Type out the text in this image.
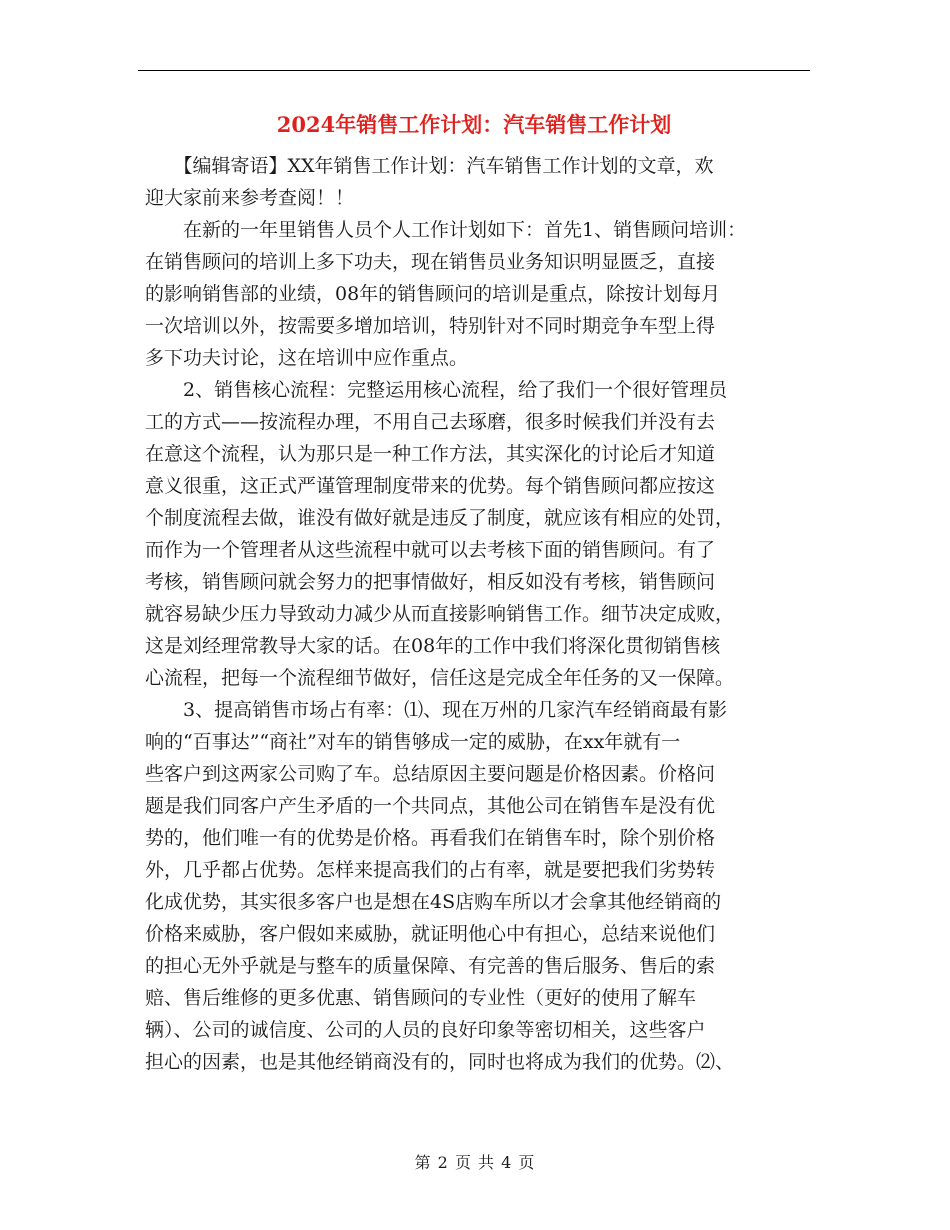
2024年销售工作计划：汽车销售工作计划
　　【编辑寄语】XX年销售工作计划：汽车销售工作计划的文章，欢
迎大家前来参考查阅！！
　　在新的一年里销售人员个人工作计划如下：首先1、销售顾问培训：
在销售顾问的培训上多下功夫，现在销售员业务知识明显匮乏，直接
的影响销售部的业绩，08年的销售顾问的培训是重点，除按计划每月
一次培训以外，按需要多增加培训，特别针对不同时期竞争车型上得
多下功夫讨论，这在培训中应作重点。
　　2、销售核心流程：完整运用核心流程，给了我们一个很好管理员
工的方式——按流程办理，不用自己去琢磨，很多时候我们并没有去
在意这个流程，认为那只是一种工作方法，其实深化的讨论后才知道
意义很重，这正式严谨管理制度带来的优势。每个销售顾问都应按这
个制度流程去做，谁没有做好就是违反了制度，就应该有相应的处罚，
而作为一个管理者从这些流程中就可以去考核下面的销售顾问。有了
考核，销售顾问就会努力的把事情做好，相反如没有考核，销售顾问
就容易缺少压力导致动力减少从而直接影响销售工作。细节决定成败，
这是刘经理常教导大家的话。在08年的工作中我们将深化贯彻销售核
心流程，把每一个流程细节做好，信任这是完成全年任务的又一保障。
　　3、提高销售市场占有率：⑴、现在万州的几家汽车经销商最有影
响的“百事达”“商社”对车的销售够成一定的威胁，在xx年就有一
些客户到这两家公司购了车。总结原因主要问题是价格因素。价格问
题是我们同客户产生矛盾的一个共同点，其他公司在销售车是没有优
势的，他们唯一有的优势是价格。再看我们在销售车时，除个别价格
外，几乎都占优势。怎样来提高我们的占有率，就是要把我们劣势转
化成优势，其实很多客户也是想在4S店购车所以才会拿其他经销商的
价格来威胁，客户假如来威胁，就证明他心中有担心，总结来说他们
的担心无外乎就是与整车的质量保障、有完善的售后服务、售后的索
赔、售后维修的更多优惠、销售顾问的专业性（更好的使用了解车
辆）、公司的诚信度、公司的人员的良好印象等密切相关，这些客户
担心的因素，也是其他经销商没有的，同时也将成为我们的优势。⑵、
第 2 页 共 4 页
